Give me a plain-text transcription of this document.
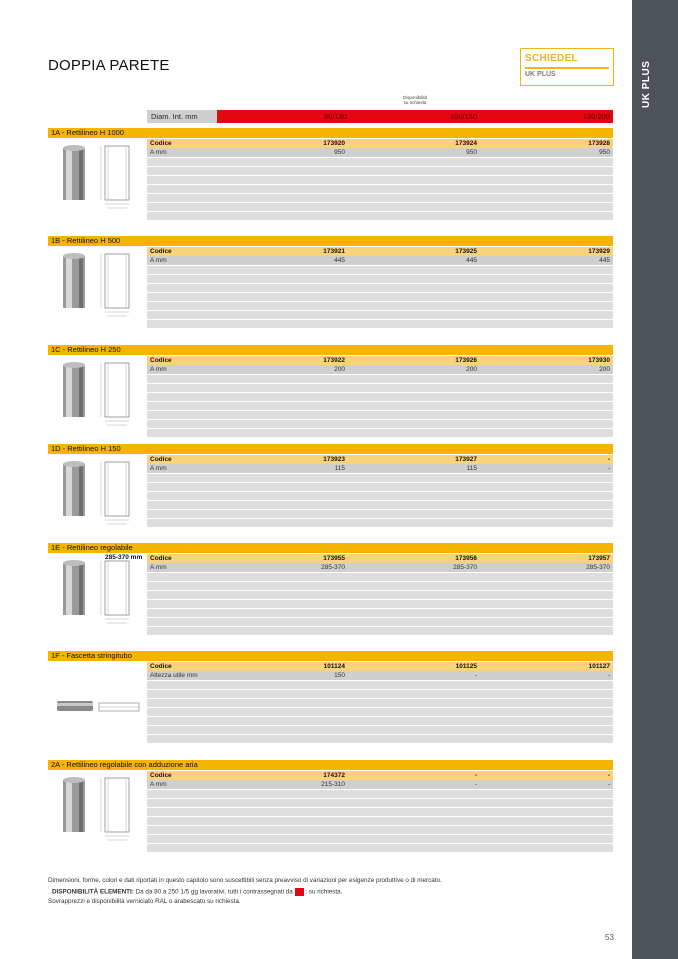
UK PLUS
DOPPIA PARETE	SCHIEDEL
UK PLUS
Disponibilità
su richiesta
Diam. Int. mm	80/130	100/150	130/200
1A - Rettilineo H 1000
Codice	173920	173924	173928
A mm	950	950	950
1B - Rettilineo H 500
Codice	173921	173925	173929
A mm	445	445	445
1C - Rettilineo H 250
Codice	173922	173926	173930
A mm	200	200	200
1D - Rettilineo H 150
Codice	173923	173927	-
A mm	115	115	-
1E - Rettilineo regolabile
285-370 mm Codice	173955	173956	173957
A mm	285-370	285-370	285-370
1F - Fascetta stringitubo
Codice	101124	101125	101127
Altezza utile mm	150	-	-
2A - Rettilineo regolabile con adduzione aria
Codice	174372	-	-
A mm	215-310	-	-
Dimensioni, forme, colori e dati riportati in questo capitolo sono suscettibili senza preavviso di variazioni per esigenze produttive o di mercato.
DISPONIBILITÀ ELEMENTI: Da da 80 a 250 1/5 gg lavorativi, tutti i contrassegnati da : su richiesta.
Sovrapprezzi e disponibilità verniciato RAL o arabescato su richiesta.
53
